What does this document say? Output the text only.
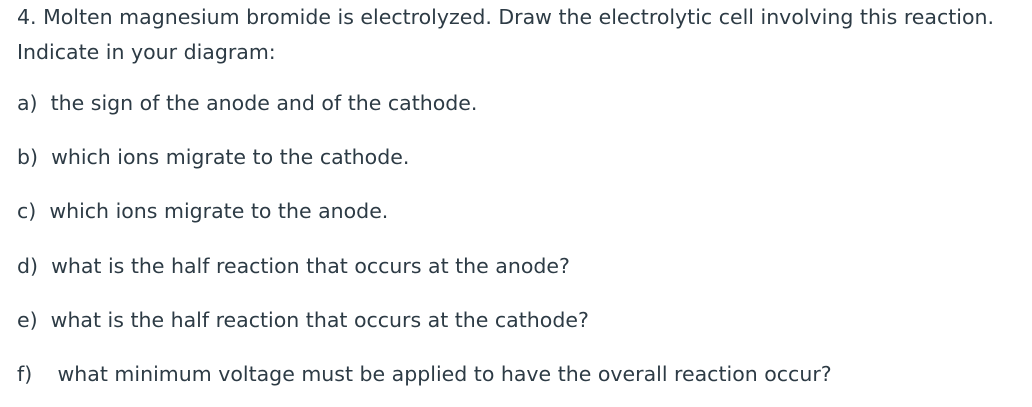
4. Molten magnesium bromide is electrolyzed. Draw the electrolytic cell involving this reaction.
Indicate in your diagram:

a)  the sign of the anode and of the cathode.

b)  which ions migrate to the cathode.

c)  which ions migrate to the anode.

d)  what is the half reaction that occurs at the anode?

e)  what is the half reaction that occurs at the cathode?

f) what minimum voltage must be applied to have the overall reaction occur?
